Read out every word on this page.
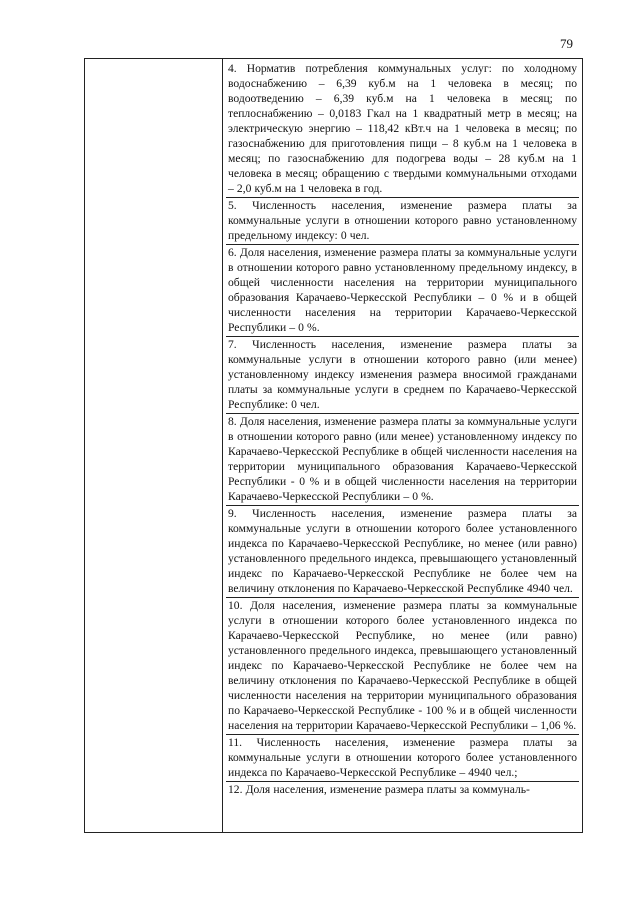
79

4. Норматив потребления коммунальных услуг: по холодному водоснабжению – 6,39 куб.м на 1 человека в месяц; по водоотведению – 6,39 куб.м на 1 человека в месяц; по теплоснабжению – 0,0183 Гкал на 1 квадратный метр в месяц; на электрическую энергию – 118,42 кВт.ч на 1 человека в месяц; по газоснабжению для приготовления пищи – 8 куб.м на 1 человека в месяц; по газоснабжению для подогрева воды – 28 куб.м на 1 человека в месяц; обращению с твердыми коммунальными отходами – 2,0 куб.м на 1 человека в год.

5. Численность населения, изменение размера платы за коммунальные услуги в отношении которого равно установленному предельному индексу: 0 чел.

6. Доля населения, изменение размера платы за коммунальные услуги в отношении которого равно установленному предельному индексу, в общей численности населения на территории муниципального образования Карачаево-Черкесской Республики – 0 % и в общей численности населения на территории Карачаево-Черкесской Республики – 0 %.

7. Численность населения, изменение размера платы за коммунальные услуги в отношении которого равно (или менее) установленному индексу изменения размера вносимой гражданами платы за коммунальные услуги в среднем по Карачаево-Черкесской Республике: 0 чел.

8. Доля населения, изменение размера платы за коммунальные услуги в отношении которого равно (или менее) установленному индексу по Карачаево-Черкесской Республике в общей численности населения на территории муниципального образования Карачаево-Черкесской Республики - 0 % и в общей численности населения на территории Карачаево-Черкесской Республики – 0 %.

9. Численность населения, изменение размера платы за коммунальные услуги в отношении которого более установленного индекса по Карачаево-Черкесской Республике, но менее (или равно) установленного предельного индекса, превышающего установленный индекс по Карачаево-Черкесской Республике не более чем на величину отклонения по Карачаево-Черкесской Республике 4940 чел.

10. Доля населения, изменение размера платы за коммунальные услуги в отношении которого более установленного индекса по Карачаево-Черкесской Республике, но менее (или равно) установленного предельного индекса, превышающего установленный индекс по Карачаево-Черкесской Республике не более чем на величину отклонения по Карачаево-Черкесской Республике в общей численности населения на территории муниципального образования по Карачаево-Черкесской Республике - 100 % и в общей численности населения на территории Карачаево-Черкесской Республики – 1,06 %.

11. Численность населения, изменение размера платы за коммунальные услуги в отношении которого более установленного индекса по Карачаево-Черкесской Республике – 4940 чел.;

12. Доля населения, изменение размера платы за коммуналь-
